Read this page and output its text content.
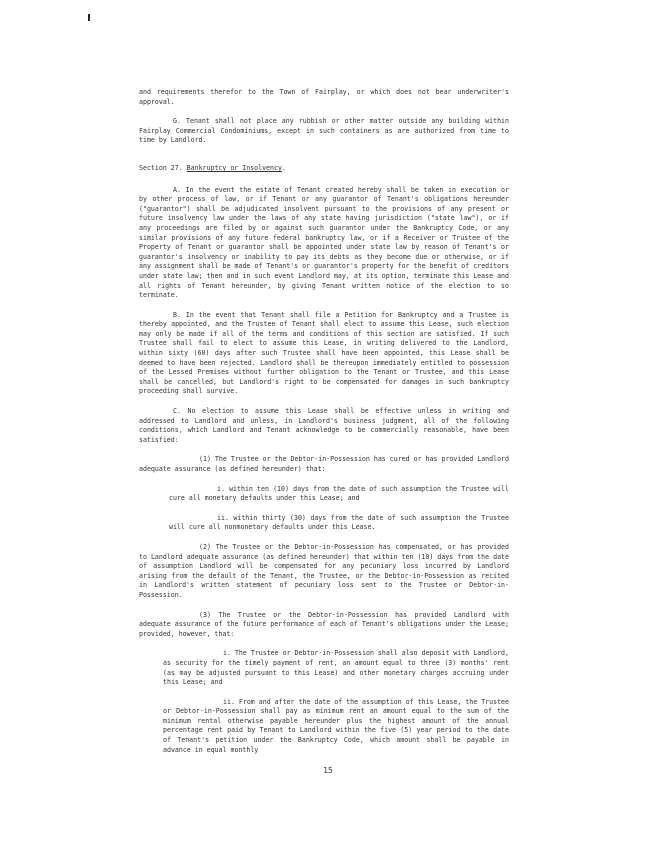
and requirements therefor to the Town of Fairplay, or which does not bear underwriter's approval.

G. Tenant shall not place any rubbish or other matter outside any building within Fairplay Commercial Condominiums, except in such containers as are authorized from time to time by Landlord.

Section 27. Bankruptcy or Insolvency.

A. In the event the estate of Tenant created hereby shall be taken in execution or by other process of law, or if Tenant or any guarantor of Tenant's obligations hereunder ("guarantor") shall be adjudicated insolvent pursuant to the provisions of any present or future insolvency law under the laws of any state having jurisdiction ("state law"), or if any proceedings are filed by or against such guarantor under the Bankruptcy Code, or any similar provisions of any future federal bankruptcy law, or if a Receiver or Trustee of the Property of Tenant or guarantor shall be appointed under state law by reason of Tenant's or guarantor's insolvency or inability to pay its debts as they become due or otherwise, or if any assignment shall be made of Tenant's or guarantor's property for the benefit of creditors under state law; then and in such event Landlord may, at its option, terminate this Lease and all rights of Tenant hereunder, by giving Tenant written notice of the election to so terminate.

B. In the event that Tenant shall file a Petition for Bankruptcy and a Trustee is thereby appointed, and the Trustee of Tenant shall elect to assume this Lease, such election may only be made if all of the terms and conditions of this section are satisfied. If such Trustee shall fail to elect to assume this Lease, in writing delivered to the Landlord, within sixty (60) days after such Trustee shall have been appointed, this Lease shall be deemed to have been rejected. Landlord shall be thereupon immediately entitled to possession of the Lessed Premises without further obligation to the Tenant or Trustee, and this Lease shall be cancelled, but Landlord's right to be compensated for damages in such bankruptcy proceeding shall survive.

C. No election to assume this Lease shall be effective unless in writing and addressed to Landlord and unless, in Landlord's business judgment, all of the following conditions, which Landlord and Tenant acknowledge to be commercially reasonable, have been satisfied:

(1) The Trustee or the Debtor-in-Possession has cured or has provided Landlord adequate assurance (as defined hereunder) that:

i. within ten (10) days from the date of such assumption the Trustee will cure all monetary defaults under this Lease; and

ii. within thirty (30) days from the date of such assumption the Trustee will cure all nonmonetary defaults under this Lease.

(2) The Trustee or the Debtor-in-Possession has compensated, or has provided to Landlord adequate assurance (as defined hereunder) that within ten (10) days from the date of assumption Landlord will be compensated for any pecuniary loss incurred by Landlord arising from the default of the Tenant, the Trustee, or the Debtor-in-Possession as recited in Landlord's written statement of pecuniary loss sent to the Trustee or Debtor-in-Possession.

(3) The Trustee or the Debtor-in-Possession has provided Landlord with adequate assurance of the future performance of each of Tenant's obligations under the Lease; provided, however, that:

i. The Trustee or Debtor-in-Possession shall also deposit with Landlord, as security for the timely payment of rent, an amount equal to three (3) months' rent (as may be adjusted pursuant to this Lease) and other monetary charges accruing under this Lease; and

ii. From and after the date of the assumption of this Lease, the Trustee or Debtor-in-Possession shall pay as minimum rent an amount equal to the sum of the minimum rental otherwise payable hereunder plus the highest amount of the annual percentage rent paid by Tenant to Landlord within the five (5) year period to the date of Tenant's petition under the Bankruptcy Code, which amount shall be payable in advance in equal monthly

15
